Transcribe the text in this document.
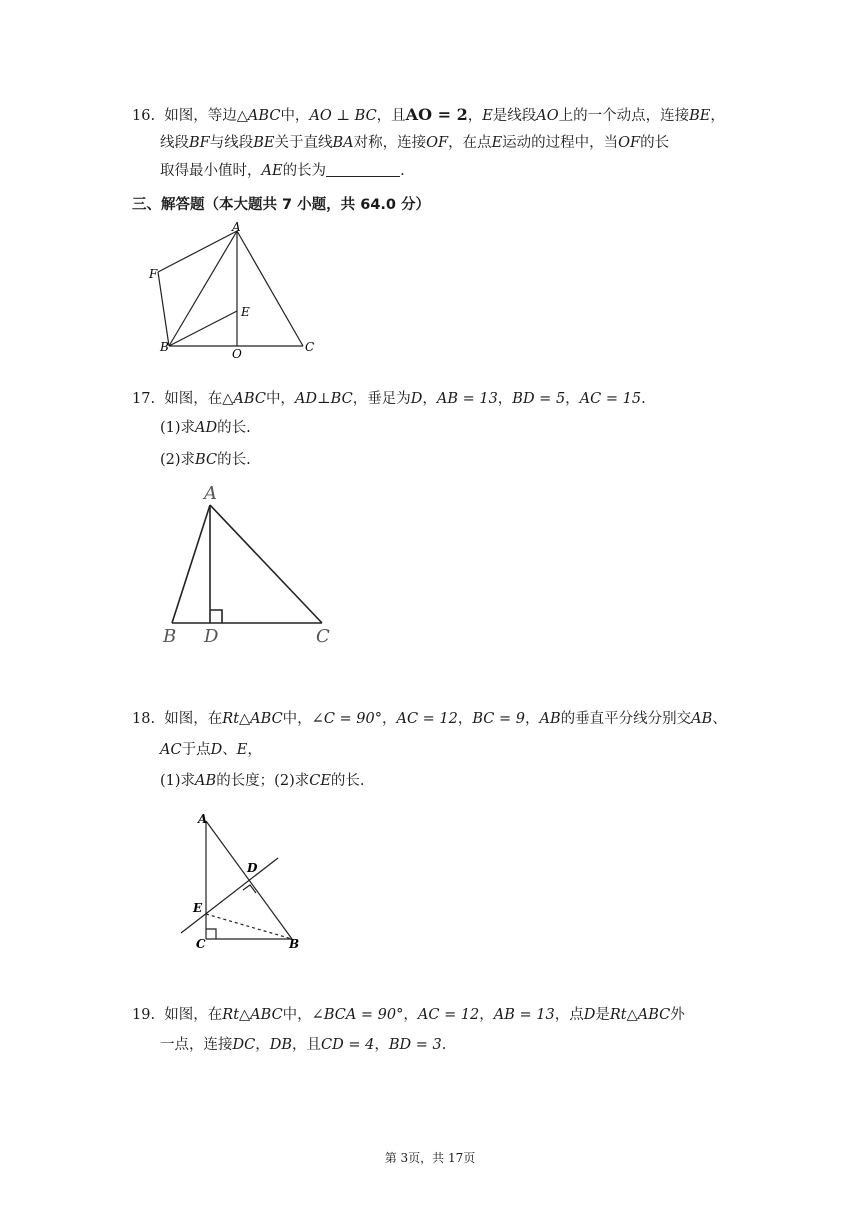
16. 如图，等边△ABC中，AO ⊥ BC，且AO = 2，E是线段AO上的一个动点，连接BE，
线段BF与线段BE关于直线BA对称，连接OF，在点E运动的过程中，当OF的长
取得最小值时，AE的长为	.
三、解答题（本大题共 7 小题，共 64.0 分）
A
F
E
B	O	C
17. 如图，在△ABC中，AD⊥BC，垂足为D，AB = 13，BD = 5，AC = 15.
(1)求AD的长.
(2)求BC的长.
A
B D	C
18. 如图，在Rt△ABC中，∠C = 90°，AC = 12，BC = 9，AB的垂直平分线分别交AB、
AC于点D、E，
(1)求AB的长度；(2)求CE的长.
A
D
E
C	B
19. 如图，在Rt△ABC中，∠BCA = 90°，AC = 12，AB = 13，点D是Rt△ABC外
一点，连接DC，DB，且CD = 4，BD = 3.
第 3页，共 17页
